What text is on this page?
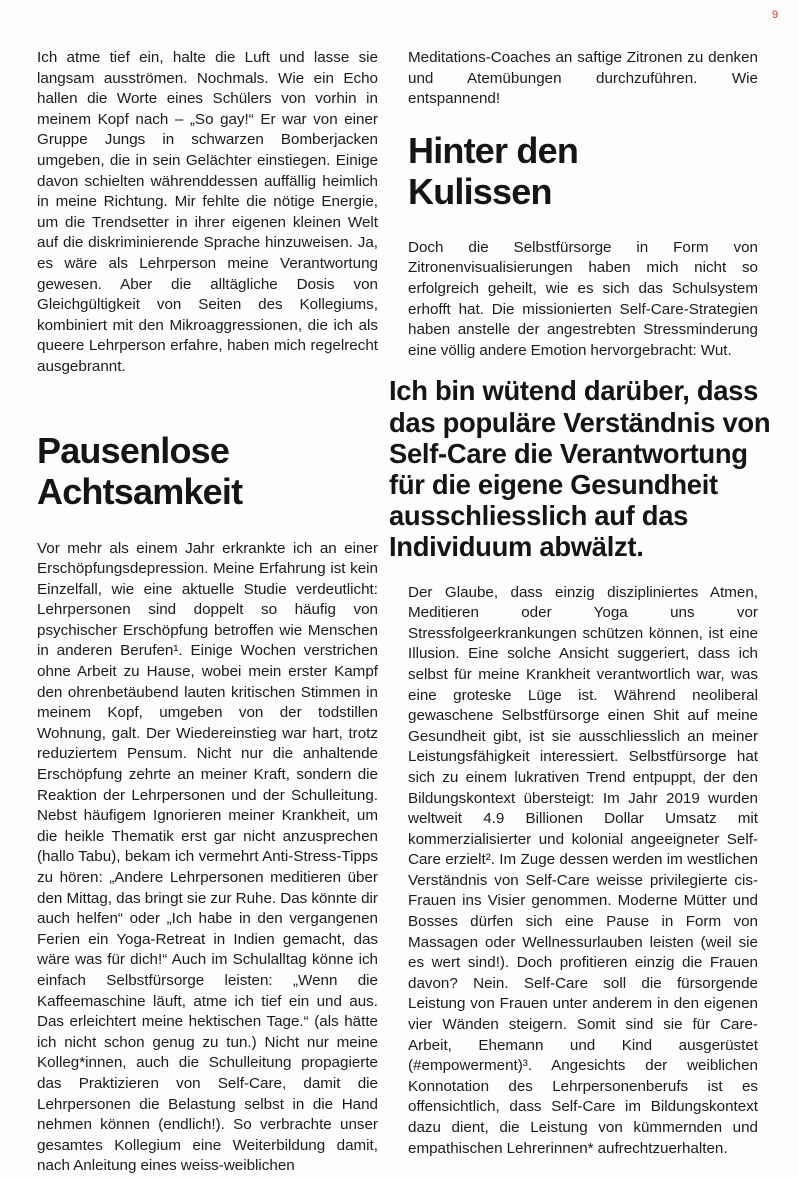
9

Ich atme tief ein, halte die Luft und lasse sie langsam ausströmen. Nochmals. Wie ein Echo hallen die Worte eines Schülers von vorhin in meinem Kopf nach – „So gay!“ Er war von einer Gruppe Jungs in schwarzen Bomberjacken umgeben, die in sein Gelächter einstiegen. Einige davon schielten währenddessen auffällig heimlich in meine Richtung. Mir fehlte die nötige Energie, um die Trendsetter in ihrer eigenen kleinen Welt auf die diskriminierende Sprache hinzuweisen. Ja, es wäre als Lehrperson meine Verantwortung gewesen. Aber die alltägliche Dosis von Gleichgültigkeit von Seiten des Kollegiums, kombiniert mit den Mikroaggressionen, die ich als queere Lehrperson erfahre, haben mich regelrecht ausgebrannt.

Pausenlose
Achtsamkeit

Vor mehr als einem Jahr erkrankte ich an einer Erschöpfungsdepression. Meine Erfahrung ist kein Einzelfall, wie eine aktuelle Studie verdeutlicht: Lehrpersonen sind doppelt so häufig von psychischer Erschöpfung betroffen wie Menschen in anderen Berufen¹. Einige Wochen verstrichen ohne Arbeit zu Hause, wobei mein erster Kampf den ohrenbetäubend lauten kritischen Stimmen in meinem Kopf, umgeben von der todstillen Wohnung, galt. Der Wiedereinstieg war hart, trotz reduziertem Pensum. Nicht nur die anhaltende Erschöpfung zehrte an meiner Kraft, sondern die Reaktion der Lehrpersonen und der Schulleitung. Nebst häufigem Ignorieren meiner Krankheit, um die heikle Thematik erst gar nicht anzusprechen (hallo Tabu), bekam ich vermehrt Anti-Stress-Tipps zu hören: „Andere Lehrpersonen meditieren über den Mittag, das bringt sie zur Ruhe. Das könnte dir auch helfen“ oder „Ich habe in den vergangenen Ferien ein Yoga-Retreat in Indien gemacht, das wäre was für dich!“ Auch im Schulalltag könne ich einfach Selbstfürsorge leisten: „Wenn die Kaffeemaschine läuft, atme ich tief ein und aus. Das erleichtert meine hektischen Tage.“ (als hätte ich nicht schon genug zu tun.) Nicht nur meine Kolleg*innen, auch die Schulleitung propagierte das Praktizieren von Self-Care, damit die Lehrpersonen die Belastung selbst in die Hand nehmen können (endlich!). So verbrachte unser gesamtes Kollegium eine Weiterbildung damit, nach Anleitung eines weiss-weiblichen

Meditations-Coaches an saftige Zitronen zu denken und Atemübungen durchzuführen. Wie entspannend!

Hinter den
Kulissen

Doch die Selbstfürsorge in Form von Zitronenvisualisierungen haben mich nicht so erfolgreich geheilt, wie es sich das Schulsystem erhofft hat. Die missionierten Self-Care-Strategien haben anstelle der angestrebten Stressminderung eine völlig andere Emotion hervorgebracht: Wut.

Ich bin wütend darüber, dass das populäre Verständnis von Self-Care die Verantwortung für die eigene Gesundheit ausschliesslich auf das Individuum abwälzt.

Der Glaube, dass einzig diszipliniertes Atmen, Meditieren oder Yoga uns vor Stressfolgeerkrankungen schützen können, ist eine Illusion. Eine solche Ansicht suggeriert, dass ich selbst für meine Krankheit verantwortlich war, was eine groteske Lüge ist. Während neoliberal gewaschene Selbstfürsorge einen Shit auf meine Gesundheit gibt, ist sie ausschliesslich an meiner Leistungsfähigkeit interessiert. Selbstfürsorge hat sich zu einem lukrativen Trend entpuppt, der den Bildungskontext übersteigt: Im Jahr 2019 wurden weltweit 4.9 Billionen Dollar Umsatz mit kommerzialisierter und kolonial angeeigneter Self-Care erzielt². Im Zuge dessen werden im westlichen Verständnis von Self-Care weisse privilegierte cis-Frauen ins Visier genommen. Moderne Mütter und Bosses dürfen sich eine Pause in Form von Massagen oder Wellnessurlauben leisten (weil sie es wert sind!). Doch profitieren einzig die Frauen davon? Nein. Self-Care soll die fürsorgende Leistung von Frauen unter anderem in den eigenen vier Wänden steigern. Somit sind sie für Care-Arbeit, Ehemann und Kind ausgerüstet (#empowerment)³. Angesichts der weiblichen Konnotation des Lehrpersonenberufs ist es offensichtlich, dass Self-Care im Bildungskontext dazu dient, die Leistung von kümmernden und empathischen Lehrerinnen* aufrechtzuerhalten.
